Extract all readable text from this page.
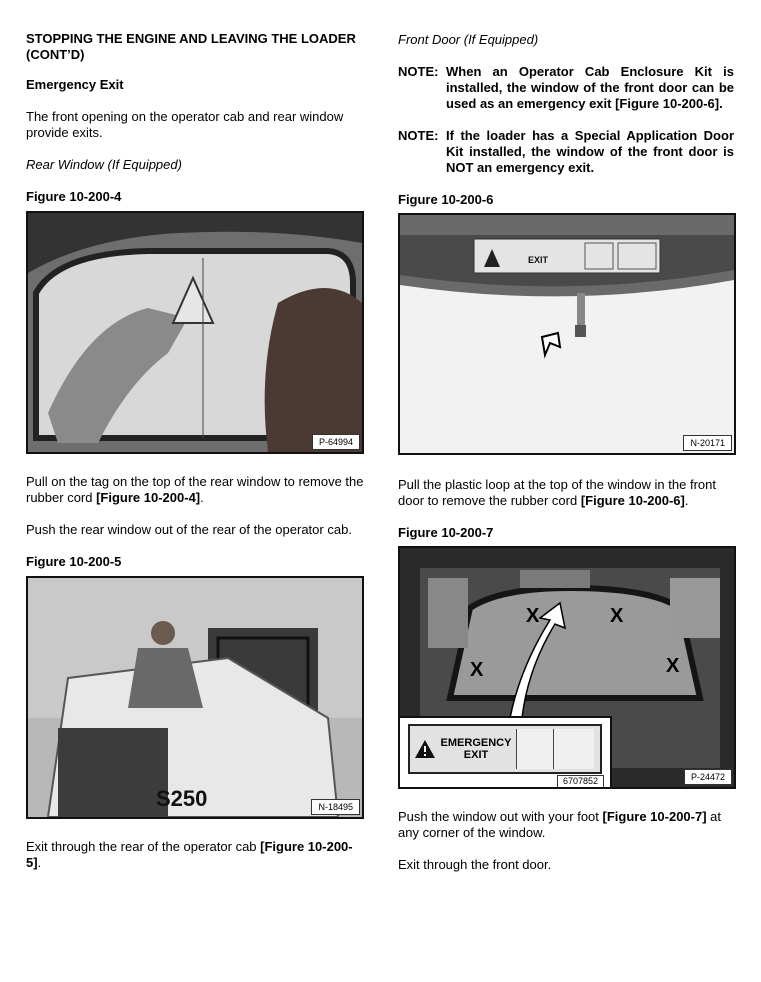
STOPPING THE ENGINE AND LEAVING THE LOADER (CONT’D)
Emergency Exit
The front opening on the operator cab and rear window provide exits.
Rear Window (If Equipped)
Figure 10-200-4
P-64994
Pull on the tag on the top of the rear window to remove the rubber cord [Figure 10-200-4].
Push the rear window out of the rear of the operator cab.
Figure 10-200-5
S250	N-18495
Exit through the rear of the operator cab [Figure 10-200-5].
Front Door (If Equipped)
NOTE: When an Operator Cab Enclosure Kit is installed, the window of the front door can be used as an emergency exit [Figure 10-200-6].
NOTE: If the loader has a Special Application Door Kit installed, the window of the front door is NOT an emergency exit.
Figure 10-200-6
EXIT
N-20171
Pull the plastic loop at the top of the window in the front door to remove the rubber cord [Figure 10-200-6].
Figure 10-200-7
X	X
X	X
EMERGENCY
EXIT
6707852	P-24472
Push the window out with your foot [Figure 10-200-7] at any corner of the window.
Exit through the front door.
